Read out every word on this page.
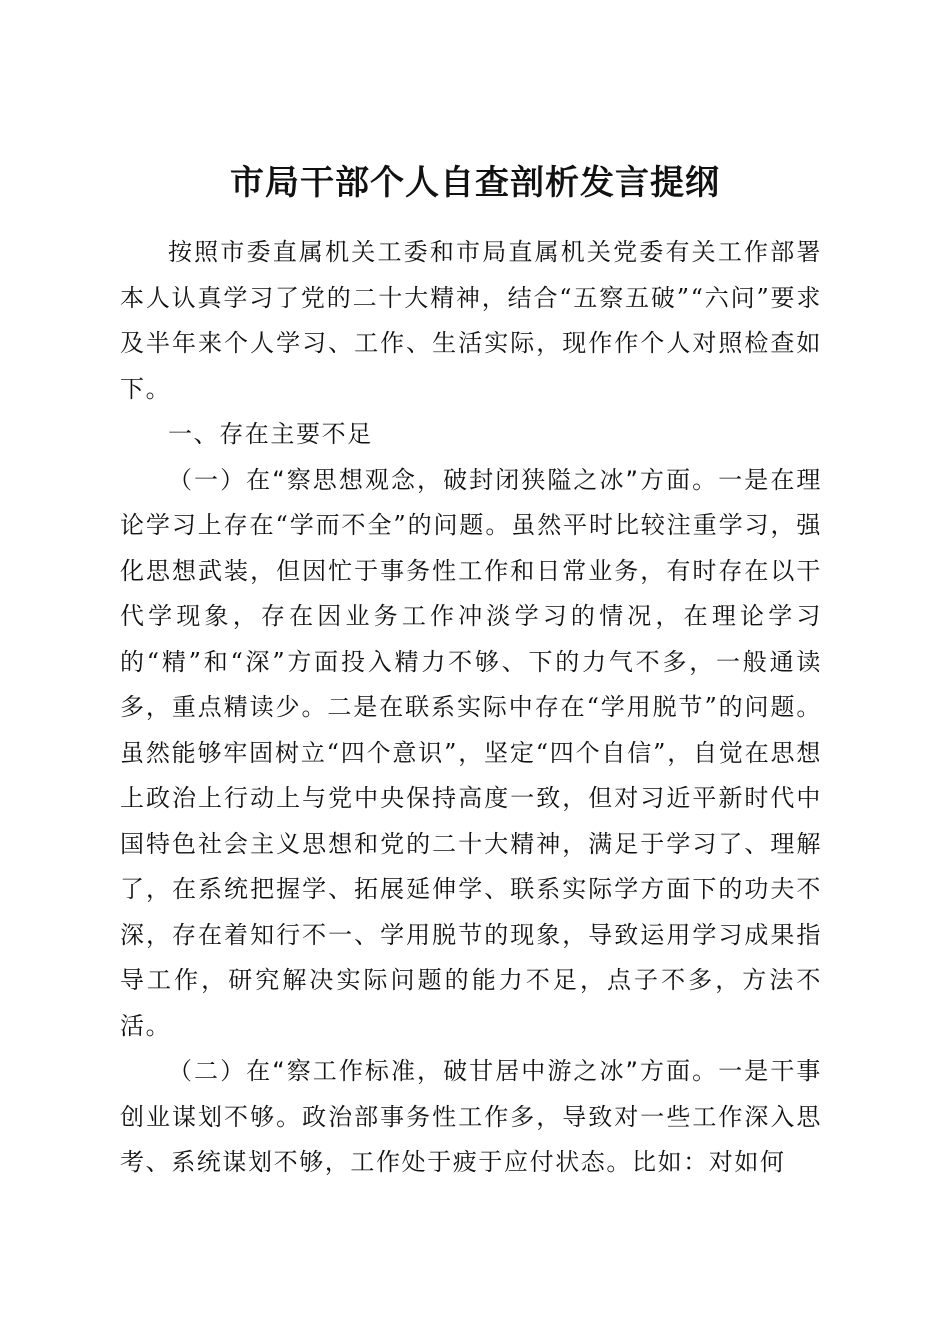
市局干部个人自查剖析发言提纲

按照市委直属机关工委和市局直属机关党委有关工作部署本人认真学习了党的二十大精神，结合“五察五破”“六问”要求及半年来个人学习、工作、生活实际，现作作个人对照检查如下。

一、存在主要不足

（一）在“察思想观念，破封闭狭隘之冰”方面。一是在理论学习上存在“学而不全”的问题。虽然平时比较注重学习，强化思想武装，但因忙于事务性工作和日常业务，有时存在以干代学现象，存在因业务工作冲淡学习的情况，在理论学习的“精”和“深”方面投入精力不够、下的力气不多，一般通读多，重点精读少。二是在联系实际中存在“学用脱节”的问题。虽然能够牢固树立“四个意识”，坚定“四个自信”，自觉在思想上政治上行动上与党中央保持高度一致，但对习近平新时代中国特色社会主义思想和党的二十大精神，满足于学习了、理解了，在系统把握学、拓展延伸学、联系实际学方面下的功夫不深，存在着知行不一、学用脱节的现象，导致运用学习成果指导工作，研究解决实际问题的能力不足，点子不多，方法不活。

（二）在“察工作标准，破甘居中游之冰”方面。一是干事创业谋划不够。政治部事务性工作多，导致对一些工作深入思考、系统谋划不够，工作处于疲于应付状态。比如：对如何
